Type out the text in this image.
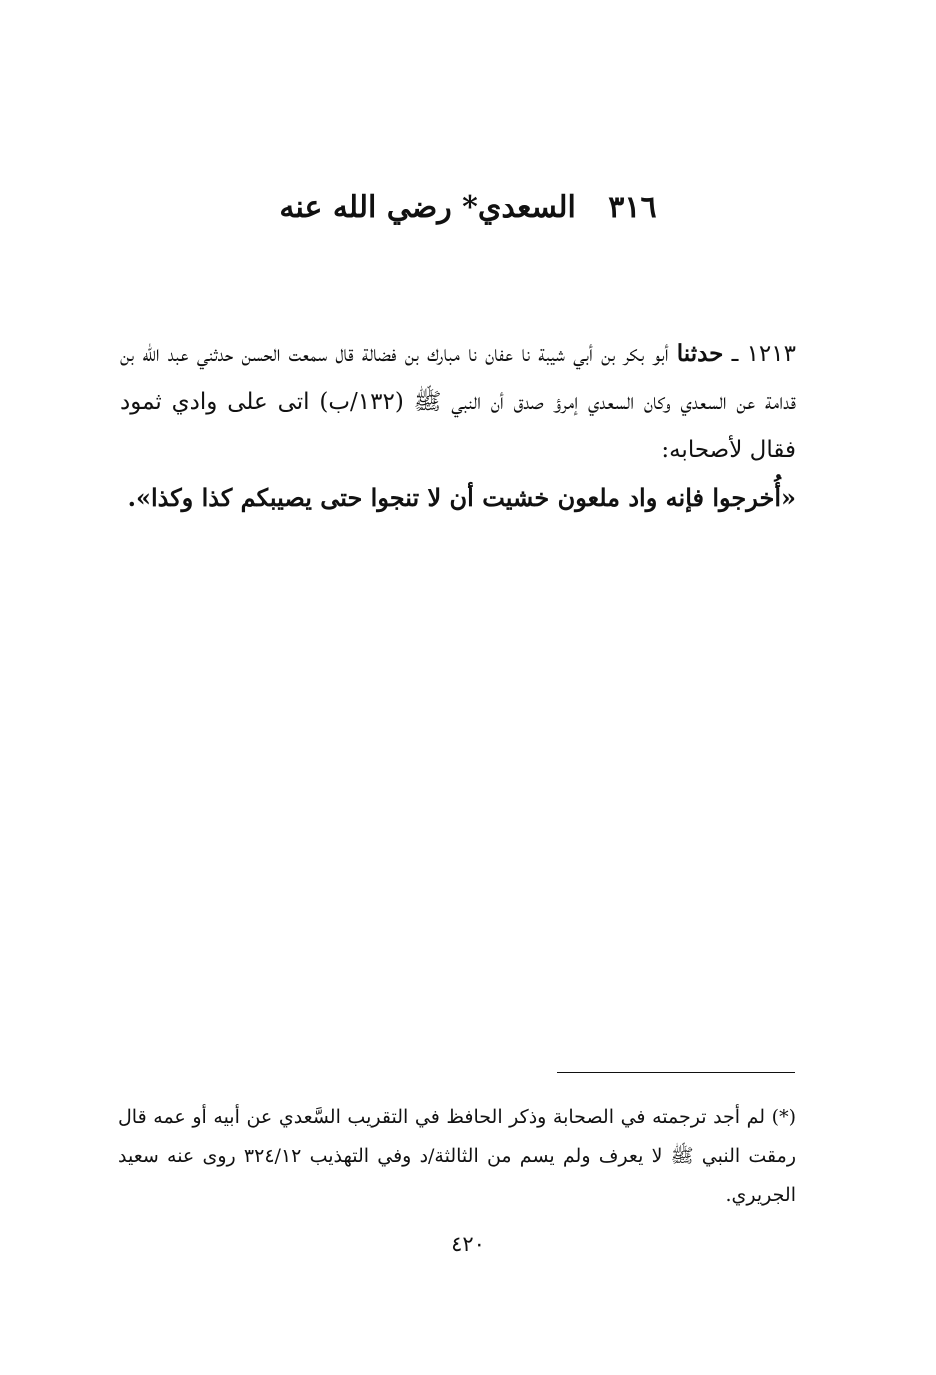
٣١٦ السعدي* رضي الله عنه

١٢١٣ ـ حدثنا أبو بكر بن أبي شيبة نا عفان نا مبارك بن فضالة قال سمعت الحسن حدثني عبد الله بن قدامة عن السعدي وكان السعدي إمرؤ صدق أن النبي ﷺ (١٣٢/ب) اتى على وادي ثمود فقال لأصحابه:

«أُخرجوا فإنه واد ملعون خشيت أن لا تنجوا حتى يصيبكم كذا وكذا».

(*) لم أجد ترجمته في الصحابة وذكر الحافظ في التقريب السَّعدي عن أبيه أو عمه قال رمقت النبي ﷺ لا يعرف ولم يسم من الثالثة/د وفي التهذيب ٣٢٤/١٢ روى عنه سعيد الجريري.

٤٢٠
